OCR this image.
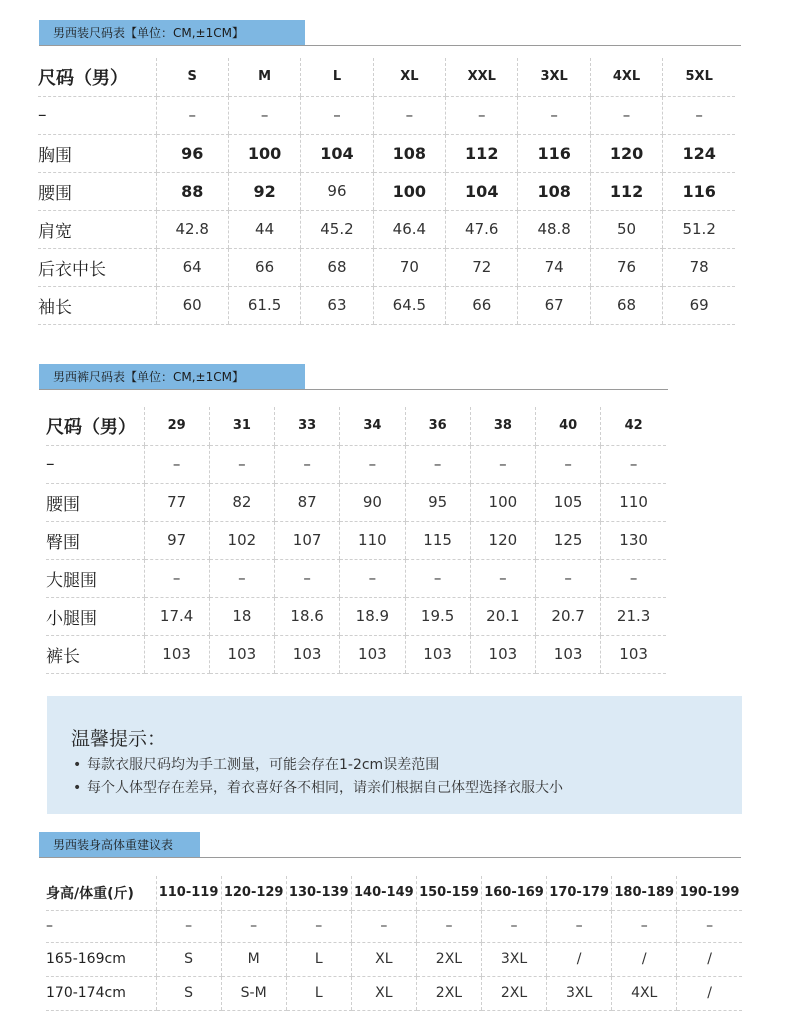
男西装尺码表【单位：CM,±1CM】
尺码（男）	S	M	L	XL	XXL	3XL	4XL	5XL
–	–	–	–	–	–	–	–	–
胸围	96	100	104	108	112	116	120	124
腰围	88	92	96	100	104	108	112	116
肩宽	42.8	44	45.2	46.4	47.6	48.8	50	51.2
后衣中长	64	66	68	70	72	74	76	78
袖长	60	61.5	63	64.5	66	67	68	69
男西裤尺码表【单位：CM,±1CM】
尺码（男）	29	31	33	34	36	38	40	42
–	–	–	–	–	–	–	–	–
腰围	77	82	87	90	95	100	105	110
臀围	97	102	107	110	115	120	125	130
大腿围	–	–	–	–	–	–	–	–
小腿围	17.4	18	18.6	18.9	19.5	20.1	20.7	21.3
裤长	103	103	103	103	103	103	103	103
温馨提示：
• 每款衣服尺码均为手工测量，可能会存在1-2cm误差范围
• 每个人体型存在差异，着衣喜好各不相同，请亲们根据自己体型选择衣服大小
男西装身高体重建议表
身高/体重(斤)	110-119	120-129	130-139	140-149	150-159	160-169	170-179	180-189	190-199
–	–	–	–	–	–	–	–	–	–
165-169cm	S	M	L	XL	2XL	3XL	/	/	/
170-174cm	S	S-M	L	XL	2XL	2XL	3XL	4XL	/
